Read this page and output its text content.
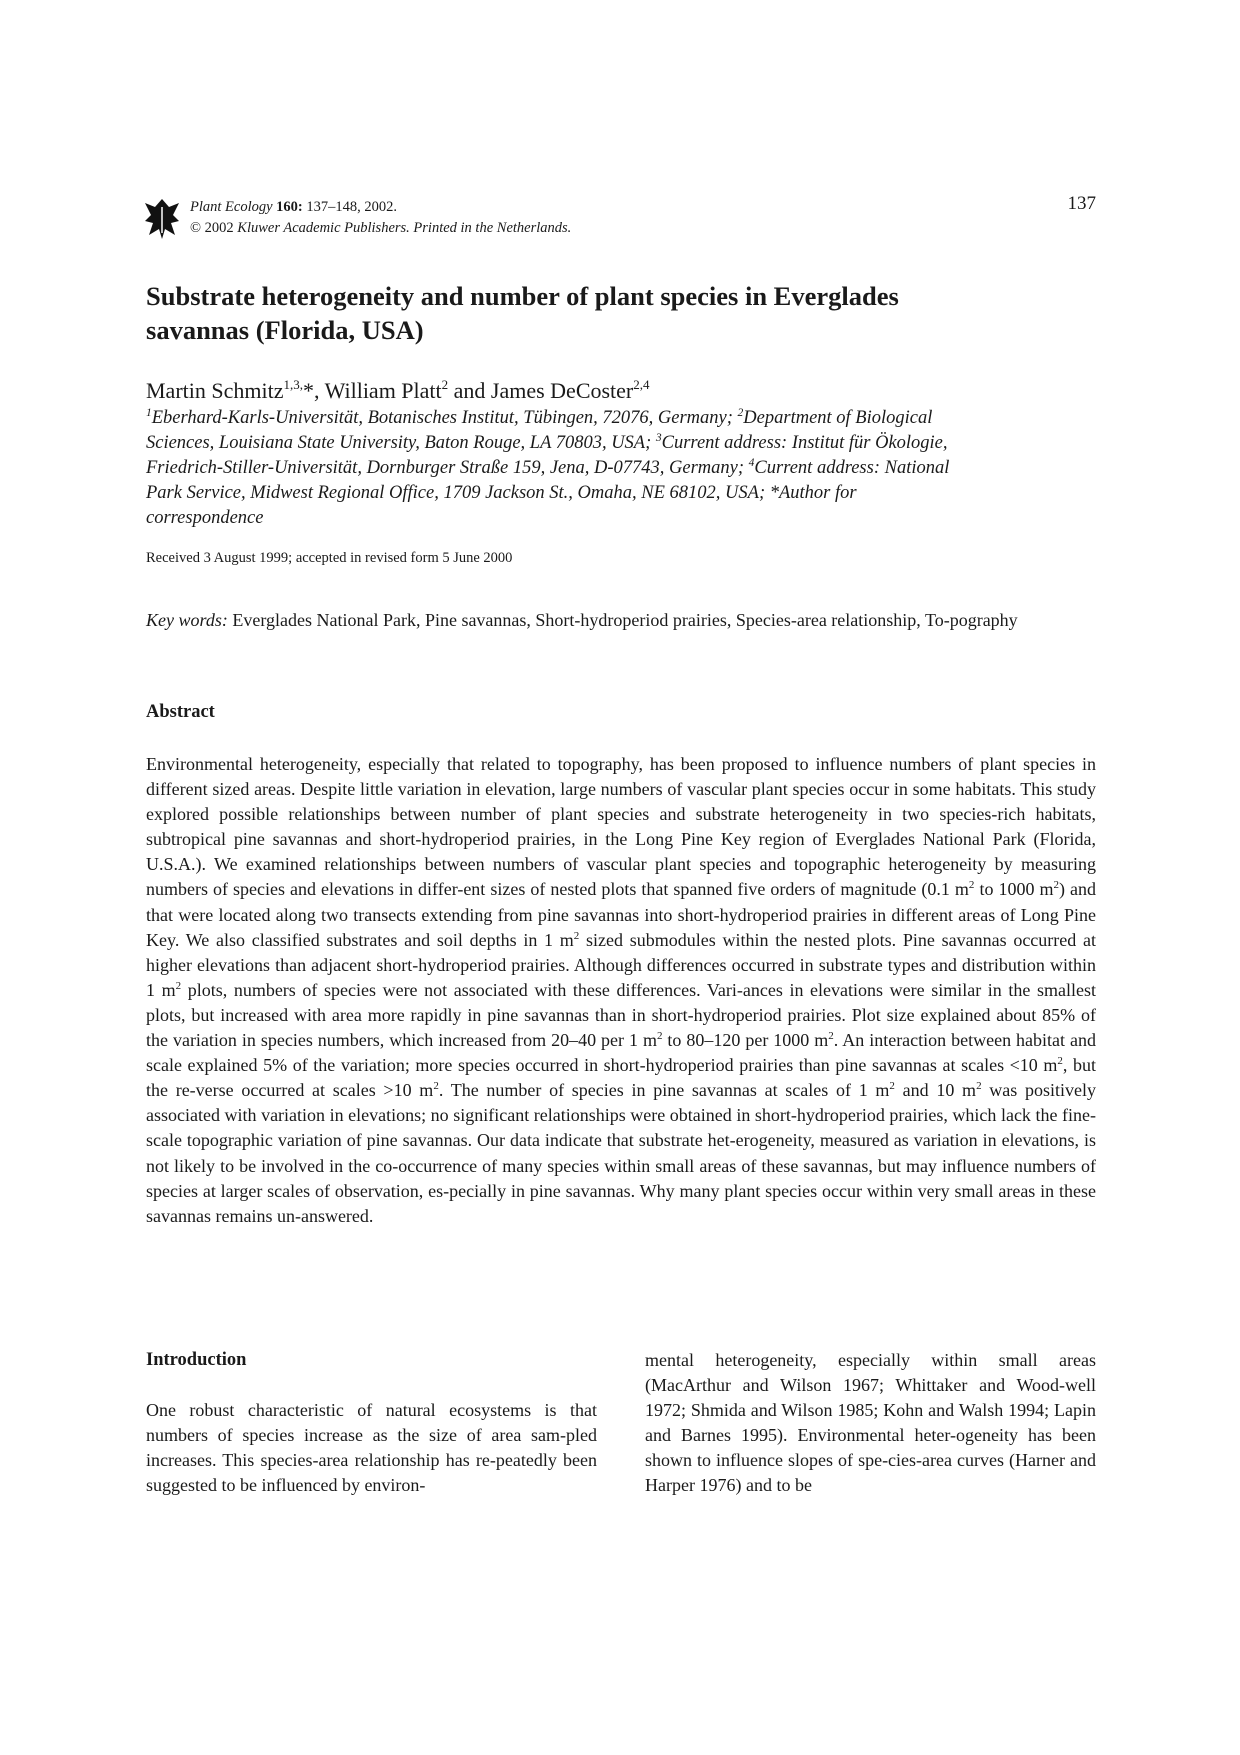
Plant Ecology 160: 137–148, 2002.
© 2002 Kluwer Academic Publishers. Printed in the Netherlands.
137
Substrate heterogeneity and number of plant species in Everglades
savannas (Florida, USA)
Martin Schmitz$^{1,3,}$*, William Platt$^2$ and James DeCoster$^{2,4}$
$^1$Eberhard-Karls-Universität, Botanisches Institut, Tübingen, 72076, Germany; $^2$Department of Biological
Sciences, Louisiana State University, Baton Rouge, LA 70803, USA; $^3$Current address: Institut für Ökologie,
Friedrich-Stiller-Universität, Dornburger Straße 159, Jena, D-07743, Germany; $^4$Current address: National
Park Service, Midwest Regional Office, 1709 Jackson St., Omaha, NE 68102, USA; *Author for
correspondence
Received 3 August 1999; accepted in revised form 5 June 2000
Key words: Everglades National Park, Pine savannas, Short-hydroperiod prairies, Species-area relationship, To-pography
Abstract

Environmental heterogeneity, especially that related to topography, has been proposed to influence numbers of plant species in different sized areas. Despite little variation in elevation, large numbers of vascular plant species occur in some habitats. This study explored possible relationships between number of plant species and substrate heterogeneity in two species-rich habitats, subtropical pine savannas and short-hydroperiod prairies, in the Long Pine Key region of Everglades National Park (Florida, U.S.A.). We examined relationships between numbers of vascular plant species and topographic heterogeneity by measuring numbers of species and elevations in differ-ent sizes of nested plots that spanned five orders of magnitude (0.1 $m^2$ to 1000 $m^2$) and that were located along two transects extending from pine savannas into short-hydroperiod prairies in different areas of Long Pine Key. We also classified substrates and soil depths in 1 $m^2$ sized submodules within the nested plots. Pine savannas occurred at higher elevations than adjacent short-hydroperiod prairies. Although differences occurred in substrate types and distribution within 1 $m^2$ plots, numbers of species were not associated with these differences. Vari-ances in elevations were similar in the smallest plots, but increased with area more rapidly in pine savannas than in short-hydroperiod prairies. Plot size explained about 85% of the variation in species numbers, which increased from 20–40 per 1 $m^2$ to 80–120 per 1000 $m^2$. An interaction between habitat and scale explained 5% of the variation; more species occurred in short-hydroperiod prairies than pine savannas at scales <10 $m^2$, but the re-verse occurred at scales >10 $m^2$. The number of species in pine savannas at scales of 1 $m^2$ and 10 $m^2$ was positively associated with variation in elevations; no significant relationships were obtained in short-hydroperiod prairies, which lack the fine-scale topographic variation of pine savannas. Our data indicate that substrate het-erogeneity, measured as variation in elevations, is not likely to be involved in the co-occurrence of many species within small areas of these savannas, but may influence numbers of species at larger scales of observation, es-pecially in pine savannas. Why many plant species occur within very small areas in these savannas remains un-answered.

Introduction

One robust characteristic of natural ecosystems is that numbers of species increase as the size of area sam-pled increases. This species-area relationship has re-peatedly been suggested to be influenced by environ-

mental heterogeneity, especially within small areas (MacArthur and Wilson 1967; Whittaker and Wood-well 1972; Shmida and Wilson 1985; Kohn and Walsh 1994; Lapin and Barnes 1995). Environmental heter-ogeneity has been shown to influence slopes of spe-cies-area curves (Harner and Harper 1976) and to be
